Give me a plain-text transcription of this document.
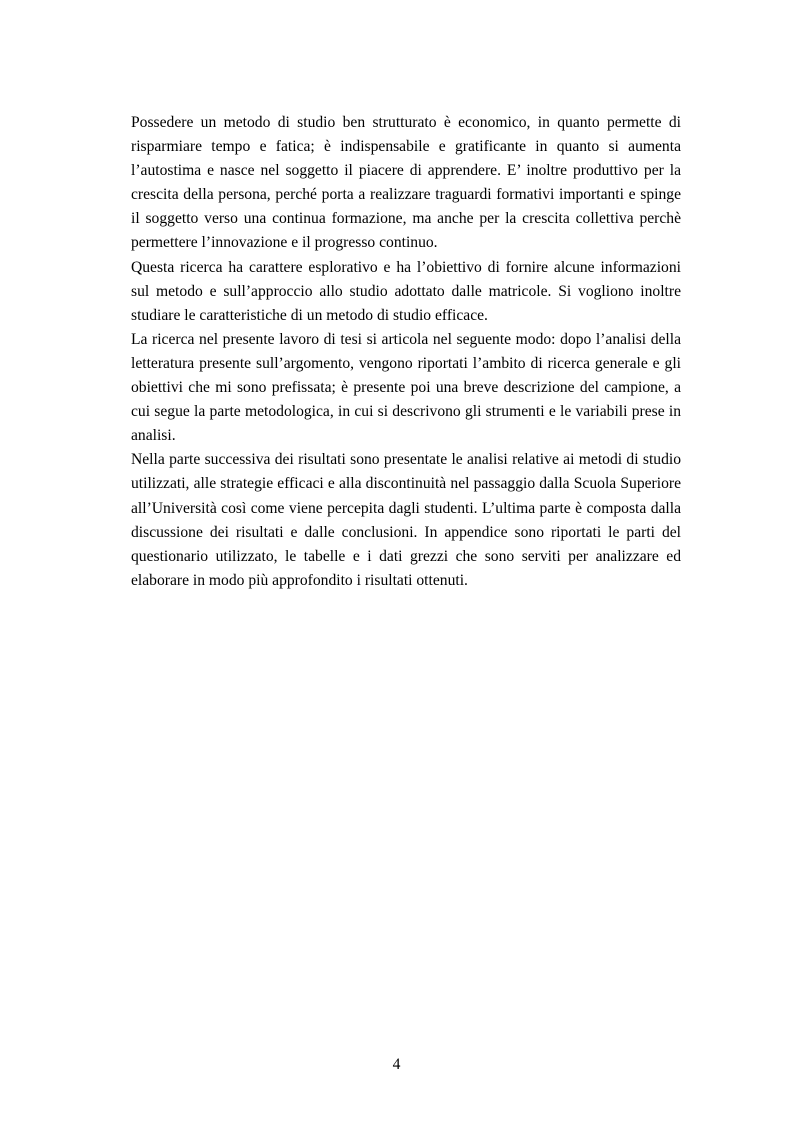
Possedere un metodo di studio ben strutturato è economico, in quanto permette di risparmiare tempo e fatica; è indispensabile e gratificante in quanto si aumenta l’autostima e nasce nel soggetto il piacere di apprendere. E’ inoltre produttivo per la crescita della persona, perché porta a realizzare traguardi formativi importanti e spinge il soggetto verso una continua formazione, ma anche per la crescita collettiva perchè permettere l’innovazione e il progresso continuo.

Questa ricerca ha carattere esplorativo e ha l’obiettivo di fornire alcune informazioni sul metodo e sull’approccio allo studio adottato dalle matricole. Si vogliono inoltre studiare le caratteristiche di un metodo di studio efficace.

La ricerca nel presente lavoro di tesi si articola nel seguente modo: dopo l’analisi della letteratura presente sull’argomento, vengono riportati l’ambito di ricerca generale e gli obiettivi che mi sono prefissata; è presente poi una breve descrizione del campione, a cui segue la parte metodologica, in cui si descrivono gli strumenti e le variabili prese in analisi.

Nella parte successiva dei risultati sono presentate le analisi relative ai metodi di studio utilizzati, alle strategie efficaci e alla discontinuità nel passaggio dalla Scuola Superiore all’Università così come viene percepita dagli studenti. L’ultima parte è composta dalla discussione dei risultati e dalle conclusioni. In appendice sono riportati le parti del questionario utilizzato, le tabelle e i dati grezzi che sono serviti per analizzare ed elaborare in modo più approfondito i risultati ottenuti.

4
